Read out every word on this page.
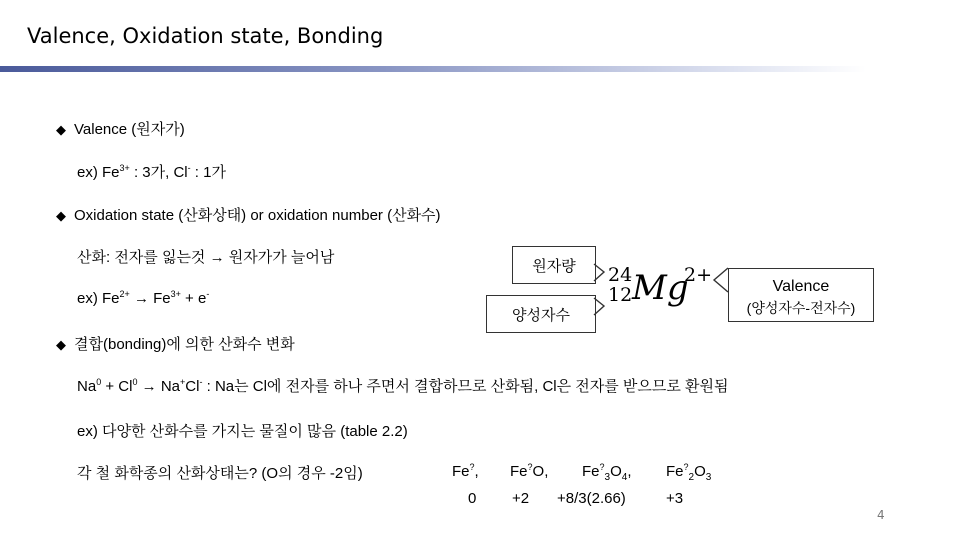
Valence, Oxidation state, Bonding
◆ Valence (원자가)
ex) $Fe^{3+}$ : 3가, Cl- : 1가
◆ Oxidation state (산화상태) or oxidation number (산화수)
산화: 전자를 잃는것 → 원자가가 늘어남
ex) $Fe^{2+} \to Fe^{3+} + e^-$
원자량
양성자수
24
12 Mg
2+
Valence
(양성자수-전자수)
◆ 결합(bonding)에 의한 산화수 변화
$Na^0 + Cl^0 \to Na^+Cl^-$ : Na는 Cl에 전자를 하나 주면서 결합하므로 산화됨, Cl은 전자를 받으므로 환원됨
ex) 다양한 산화수를 가지는 물질이 많음 (table 2.2)
각 철 화학종의 산화상태는? (O의 경우 -2임)	Fe?, Fe?O, $Fe^?_3O_4$, $Fe^?_2O_3$
0 +2 +8/3(2.66)	+3
4
